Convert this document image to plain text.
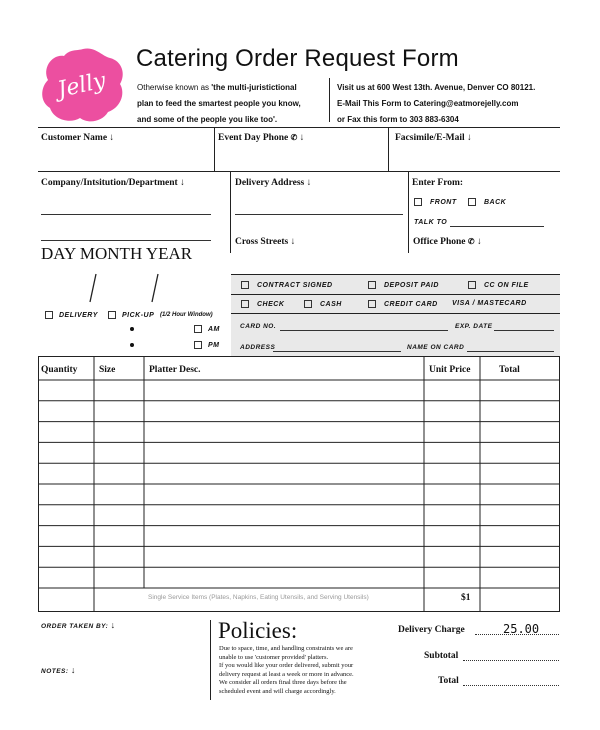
Jelly
Catering Order Request Form
Otherwise known as 'the multi-juristictional
plan to feed the smartest people you know,
and some of the people you like too'.
Visit us at 600 West 13th. Avenue, Denver CO 80121.
E-Mail This Form to Catering@eatmorejelly.com
or Fax this form to 303 883-6304
Customer Name ↓	Event Day Phone ✆ ↓	Facsimile/E-Mail ↓
Company/Intsitution/Department ↓	Delivery Address ↓
Cross Streets ↓
Enter From:
FRONT	BACK
TALK TO
Office Phone ✆ ↓
DAY MONTH YEAR
DELIVERY	PICK-UP (1/2 Hour Window)
AM
PM
CONTRACT SIGNED	DEPOSIT PAID	CC ON FILE
CHECK	CASH	CREDIT CARD VISA / MASTECARD
CARD NO.	EXP. DATE
ADDRESS	NAME ON CARD
Quantity Size	Platter Desc.	Unit Price	Total
Single Service Items (Plates, Napkins, Eating Utensils, and Serving Utensils)	$1
ORDER TAKEN BY: ↓
NOTES: ↓
Policies:
Due to space, time, and handling constraints we are
unable to use 'customer provided' platters.
If you would like your order delivered, submit your
delivery request at least a week or more in advance.
We consider all orders final three days before the
scheduled event and will charge accordingly.
Delivery Charge	25.00
Subtotal
Total
